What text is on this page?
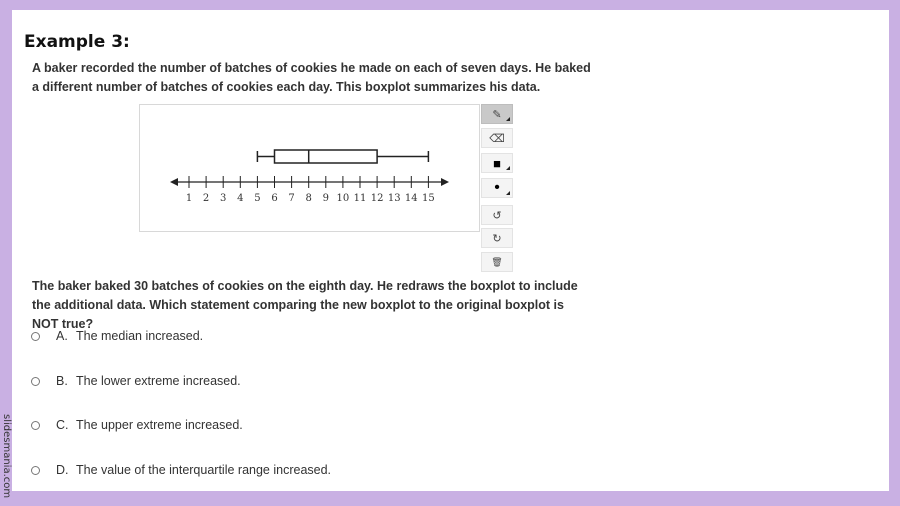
Example 3:

A baker recorded the number of batches of cookies he made on each of seven days. He baked a different number of batches of cookies each day. This boxplot summarizes his data.

1 2 3 4 5 6 7 8 9 10 11 12 13 14 15
✎
⌫
■
•
↺
↻
🗑

The baker baked 30 batches of cookies on the eighth day. He redraws the boxplot to include the additional data. Which statement comparing the new boxplot to the original boxplot is NOT true?

A. The median increased.
B. The lower extreme increased.
C. The upper extreme increased.
D. The value of the interquartile range increased.
slidesmania.com
